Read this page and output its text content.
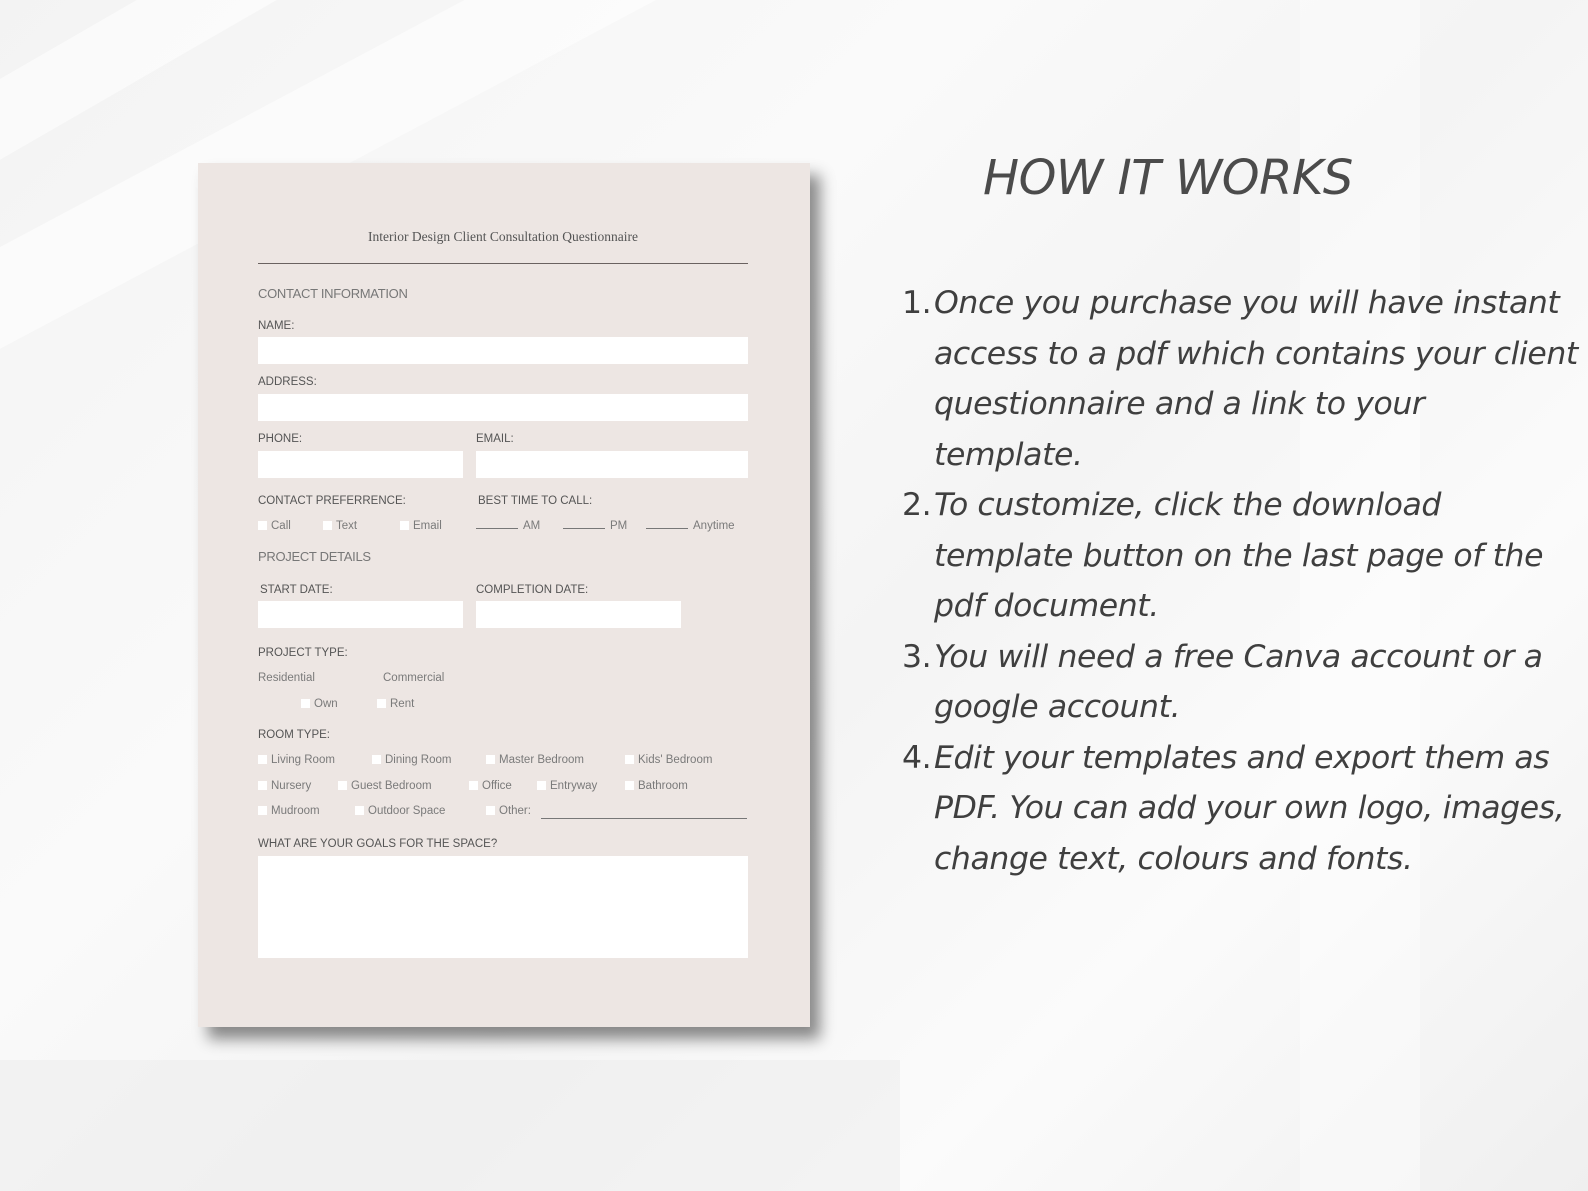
Interior Design Client Consultation Questionnaire
CONTACT INFORMATION
NAME:
ADDRESS:
PHONE:	EMAIL:
CONTACT PREFERRENCE:	BEST TIME TO CALL:
Call	Text	Email	AM	PM	Anytime
PROJECT DETAILS
START DATE:	COMPLETION DATE:
PROJECT TYPE:
Residential	Commercial
Own	Rent
ROOM TYPE:
Living Room	Dining Room	Master Bedroom	Kids' Bedroom
Nursery	Guest Bedroom	Office	Entryway	Bathroom
Mudroom	Outdoor Space	Other:
WHAT ARE YOUR GOALS FOR THE SPACE?
HOW IT WORKS
1. Once you purchase you will have instant access to a pdf which contains your client questionnaire and a link to your template.
2. To customize, click the download template button on the last page of the pdf document.
3. You will need a free Canva account or a google account.
4. Edit your templates and export them as PDF. You can add your own logo, images, change text, colours and fonts.
